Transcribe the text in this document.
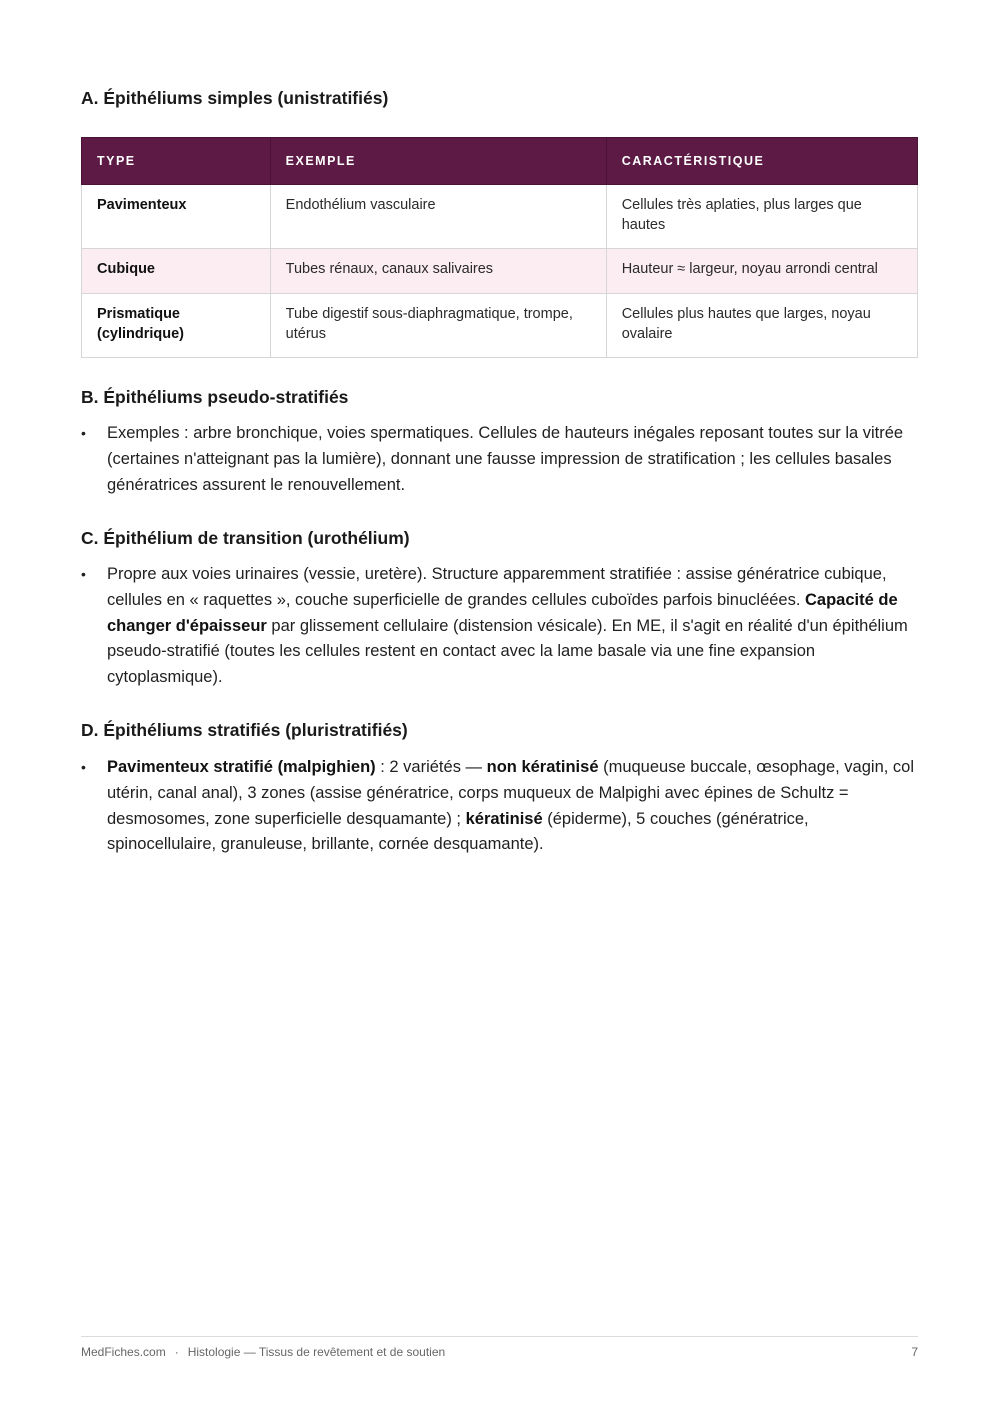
A. Épithéliums simples (unistratifiés)
TYPE	EXEMPLE	CARACTÉRISTIQUE
Pavimenteux	Endothélium vasculaire	Cellules très aplaties, plus larges que hautes
Cubique	Tubes rénaux, canaux salivaires	Hauteur ≈ largeur, noyau arrondi central
Prismatique (cylindrique)	Tube digestif sous-diaphragmatique, trompe, utérus	Cellules plus hautes que larges, noyau ovalaire
B. Épithéliums pseudo-stratifiés
• Exemples : arbre bronchique, voies spermatiques. Cellules de hauteurs inégales reposant toutes sur la vitrée (certaines n'atteignant pas la lumière), donnant une fausse impression de stratification ; les cellules basales génératrices assurent le renouvellement.
C. Épithélium de transition (urothélium)
• Propre aux voies urinaires (vessie, uretère). Structure apparemment stratifiée : assise génératrice cubique, cellules en « raquettes », couche superficielle de grandes cellules cuboïdes parfois binucléées. Capacité de changer d'épaisseur par glissement cellulaire (distension vésicale). En ME, il s'agit en réalité d'un épithélium pseudo-stratifié (toutes les cellules restent en contact avec la lame basale via une fine expansion cytoplasmique).
D. Épithéliums stratifiés (pluristratifiés)
• Pavimenteux stratifié (malpighien) : 2 variétés — non kératinisé (muqueuse buccale, œsophage, vagin, col utérin, canal anal), 3 zones (assise génératrice, corps muqueux de Malpighi avec épines de Schultz = desmosomes, zone superficielle desquamante) ; kératinisé (épiderme), 5 couches (génératrice, spinocellulaire, granuleuse, brillante, cornée desquamante).
MedFiches.com · Histologie — Tissus de revêtement et de soutien	7
